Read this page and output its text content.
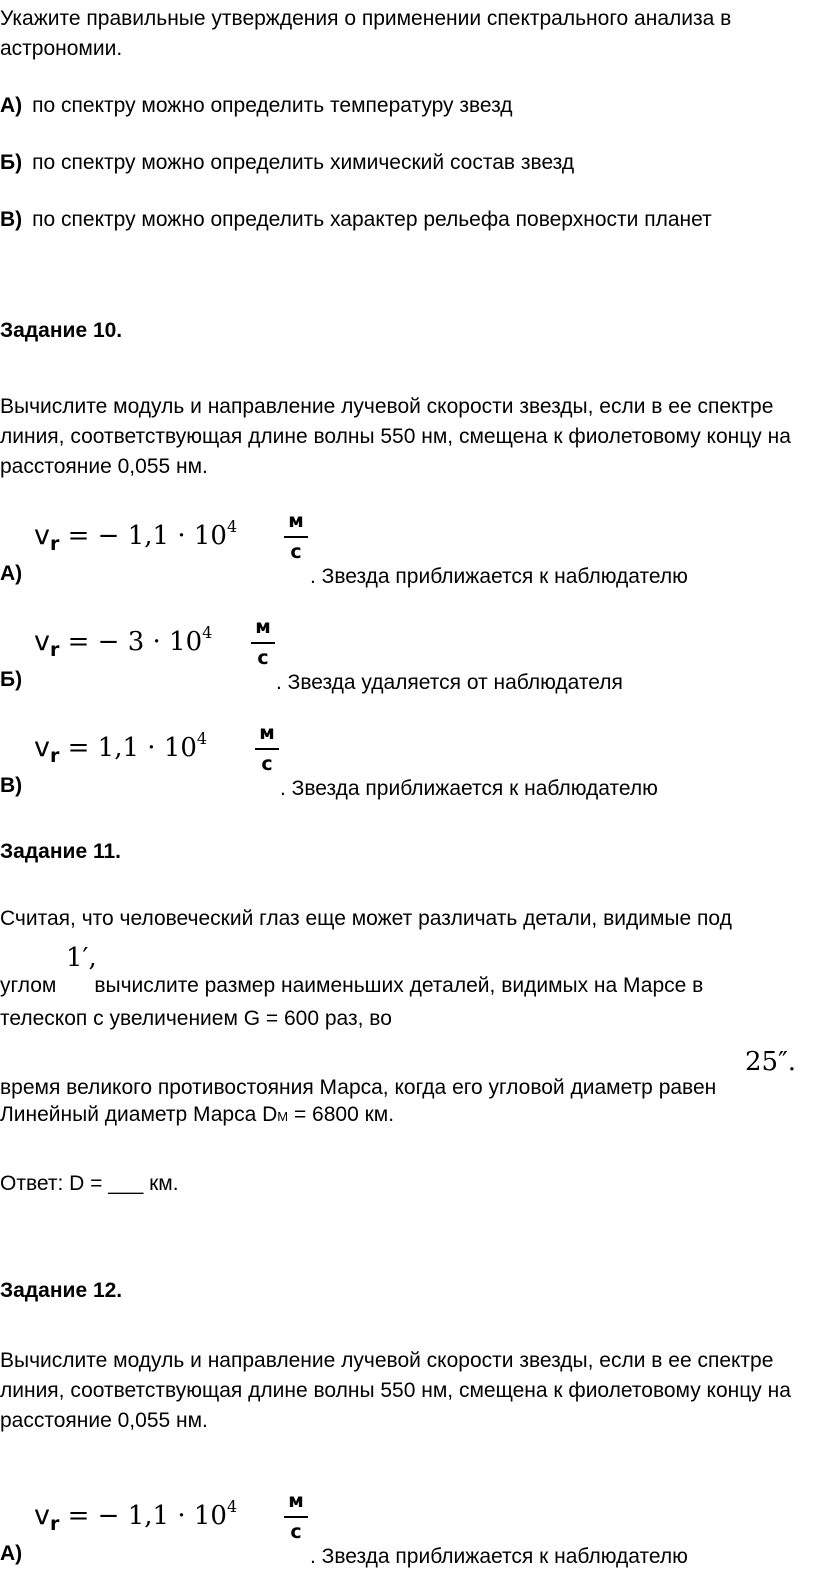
Укажите правильные утверждения о применении спектрального анализа в астрономии.
А) по спектру можно определить температуру звезд
Б) по спектру можно определить химический состав звезд
В) по спектру можно определить характер рельефа поверхности планет
Задание 10.
Вычислите модуль и направление лучевой скорости звезды, если в ее спектре линия, соответствующая длине волны 550 нм, смещена к фиолетовому концу на расстояние 0,055 нм.
А)
$v_r$ = − $1,1 \cdot 10^4$	м
с
. Звезда приближается к наблюдателю
Б)
$v_r$ = − $3 \cdot 10^4$ м
с
. Звезда удаляется от наблюдателя
В)
$v_r = 1,1 \cdot 10^4$	м
с
. Звезда приближается к наблюдателю
Задание 11.
Считая, что человеческий глаз еще может различать детали, видимые под
1′,
углом вычислите размер наименьших деталей, видимых на Марсе в
телескоп с увеличением G = 600 раз, во
25″.
время великого противостояния Марса, когда его угловой диаметр равен
Линейный диаметр Марса DМ = 6800 км.
Ответ: D = ___ км.
Задание 12.
Вычислите модуль и направление лучевой скорости звезды, если в ее спектре линия, соответствующая длине волны 550 нм, смещена к фиолетовому концу на расстояние 0,055 нм.
А)
$v_r$ = − $1,1 \cdot 10^4$	м
с
. Звезда приближается к наблюдателю
